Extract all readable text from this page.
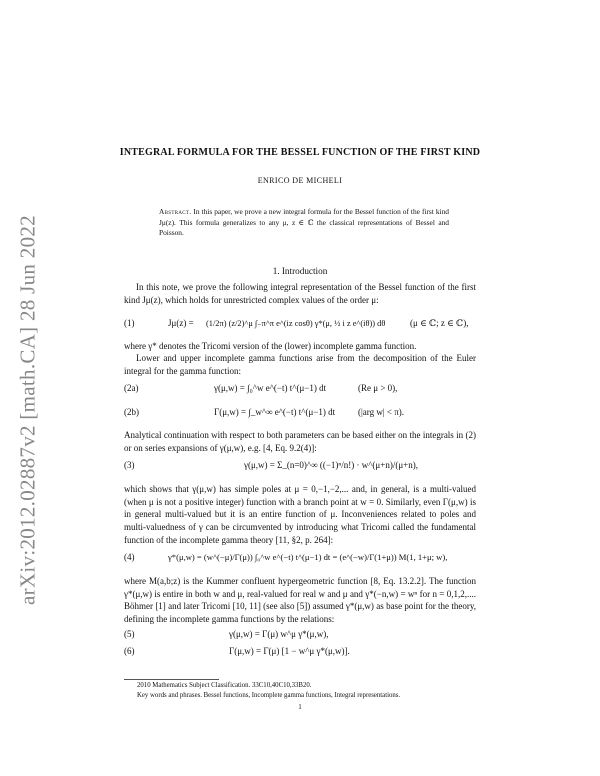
arXiv:2012.02887v2 [math.CA] 28 Jun 2022
INTEGRAL FORMULA FOR THE BESSEL FUNCTION OF THE FIRST KIND
ENRICO DE MICHELI
Abstract. In this paper, we prove a new integral formula for the Bessel function of the first kind Jμ(z). This formula generalizes to any μ, z ∈ ℂ the classical representations of Bessel and Poisson.
1. Introduction
In this note, we prove the following integral representation of the Bessel function of the first kind Jμ(z), which holds for unrestricted complex values of the order μ:
(1)	Jμ(z) = (1/2π) (z/2)^μ ∫₋π^π e^(iz cosθ) γ*(μ, ½ i z e^(iθ)) dθ	(μ ∈ ℂ; z ∈ ℂ),
where γ* denotes the Tricomi version of the (lower) incomplete gamma function.
Lower and upper incomplete gamma functions arise from the decomposition of the Euler integral for the gamma function:
(2a)	γ(μ,w) = ∫₀^w e^(−t) t^(μ−1) dt	(Re μ > 0),
(2b)	Γ(μ,w) = ∫_w^∞ e^(−t) t^(μ−1) dt	(|arg w| < π).
Analytical continuation with respect to both parameters can be based either on the integrals in (2) or on series expansions of γ(μ,w), e.g. [4, Eq. 9.2(4)]:
(3)	γ(μ,w) = Σ_(n=0)^∞ ((−1)ⁿ/n!) · w^(μ+n)/(μ+n),
which shows that γ(μ,w) has simple poles at μ = 0,−1,−2,... and, in general, is a multi-valued (when μ is not a positive integer) function with a branch point at w = 0. Similarly, even Γ(μ,w) is in general multi-valued but it is an entire function of μ. Inconveniences related to poles and multi-valuedness of γ can be circumvented by introducing what Tricomi called the fundamental function of the incomplete gamma theory [11, §2, p. 264]:
(4)	γ*(μ,w) = (w^(−μ)/Γ(μ)) ∫₀^w e^(−t) t^(μ−1) dt = (e^(−w)/Γ(1+μ)) M(1, 1+μ; w),
where M(a,b;z) is the Kummer confluent hypergeometric function [8, Eq. 13.2.2]. The function γ*(μ,w) is entire in both w and μ, real-valued for real w and μ and γ*(−n,w) = wⁿ for n = 0,1,2,.... Böhmer [1] and later Tricomi [10, 11] (see also [5]) assumed γ*(μ,w) as base point for the theory, defining the incomplete gamma functions by the relations:
(5)	γ(μ,w) = Γ(μ) w^μ γ*(μ,w),
(6)	Γ(μ,w) = Γ(μ) [1 − w^μ γ*(μ,w)].
2010 Mathematics Subject Classification. 33C10,40C10,33B20.
Key words and phrases. Bessel functions, Incomplete gamma functions, Integral representations.
1
